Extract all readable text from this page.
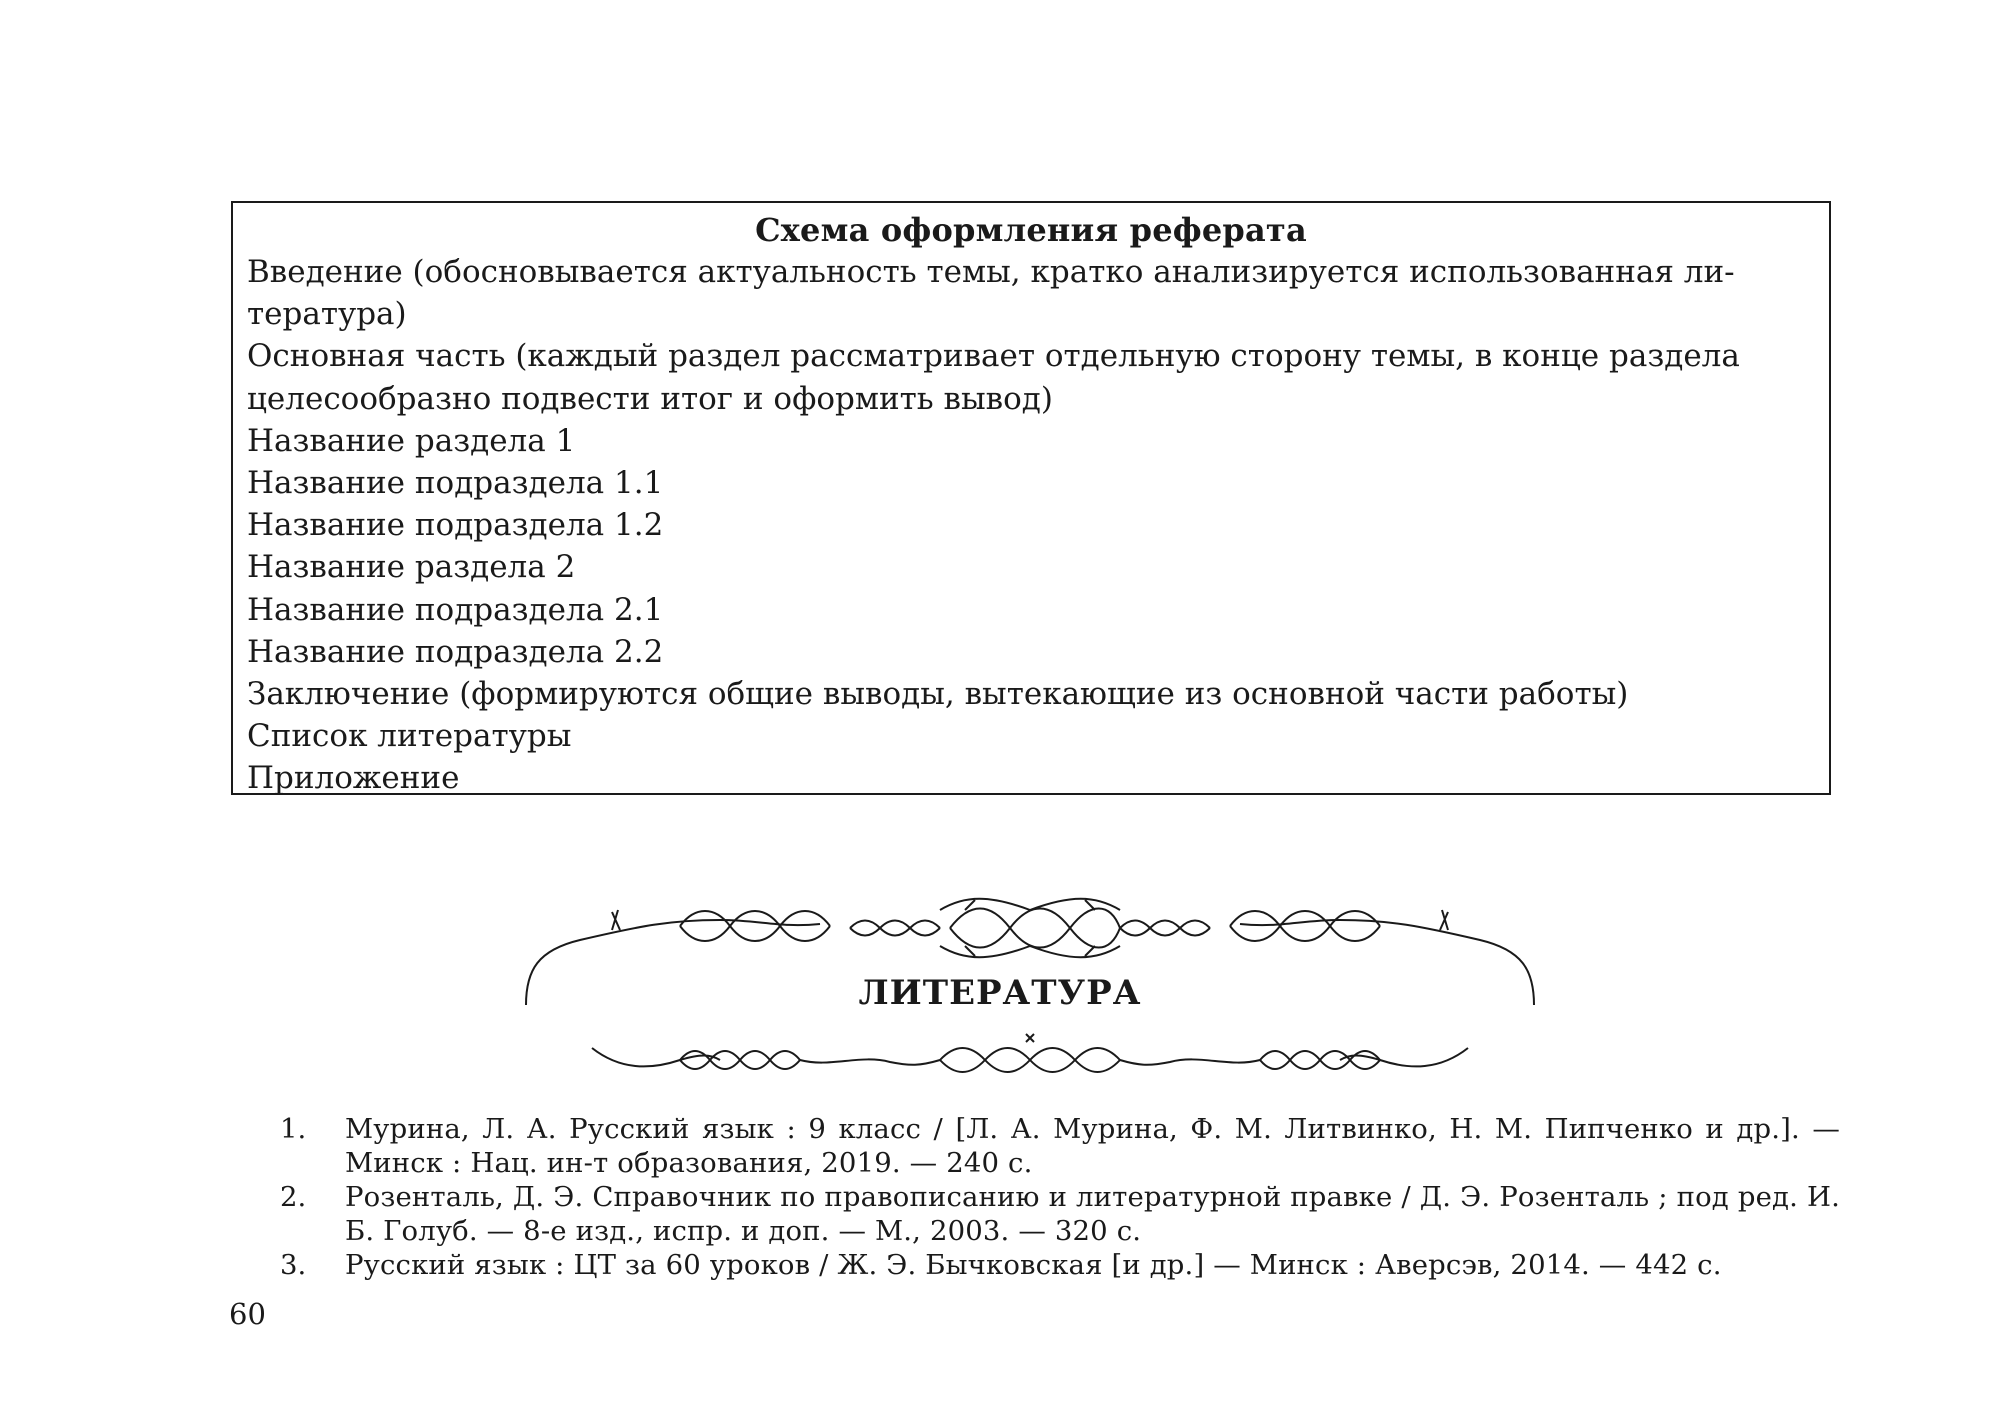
Схема оформления реферата

Введение (обосновывается актуальность темы, кратко анализируется использованная ли-

тература)

Основная часть (каждый раздел рассматривает отдельную сторону темы, в конце раздела

целесообразно подвести итог и оформить вывод)

Название раздела 1

Название подраздела 1.1

Название подраздела 1.2

Название раздела 2

Название подраздела 2.1

Название подраздела 2.2

Заключение (формируются общие выводы, вытекающие из основной части работы)

Список литературы

Приложение

ЛИТЕРАТУРА
1. Мурина, Л. А. Русский язык : 9 класс / [Л. А. Мурина, Ф. М. Литвинко, Н. М. Пипченко и др.]. — Минск : Нац. ин-т образования, 2019. — 240 с.
2. Розенталь, Д. Э. Справочник по правописанию и литературной правке / Д. Э. Розенталь ; под ред. И. Б. Голуб. — 8-е изд., испр. и доп. — М., 2003. — 320 с.
3. Русский язык : ЦТ за 60 уроков / Ж. Э. Бычковская [и др.] — Минск : Аверсэв, 2014. — 442 с.

60
